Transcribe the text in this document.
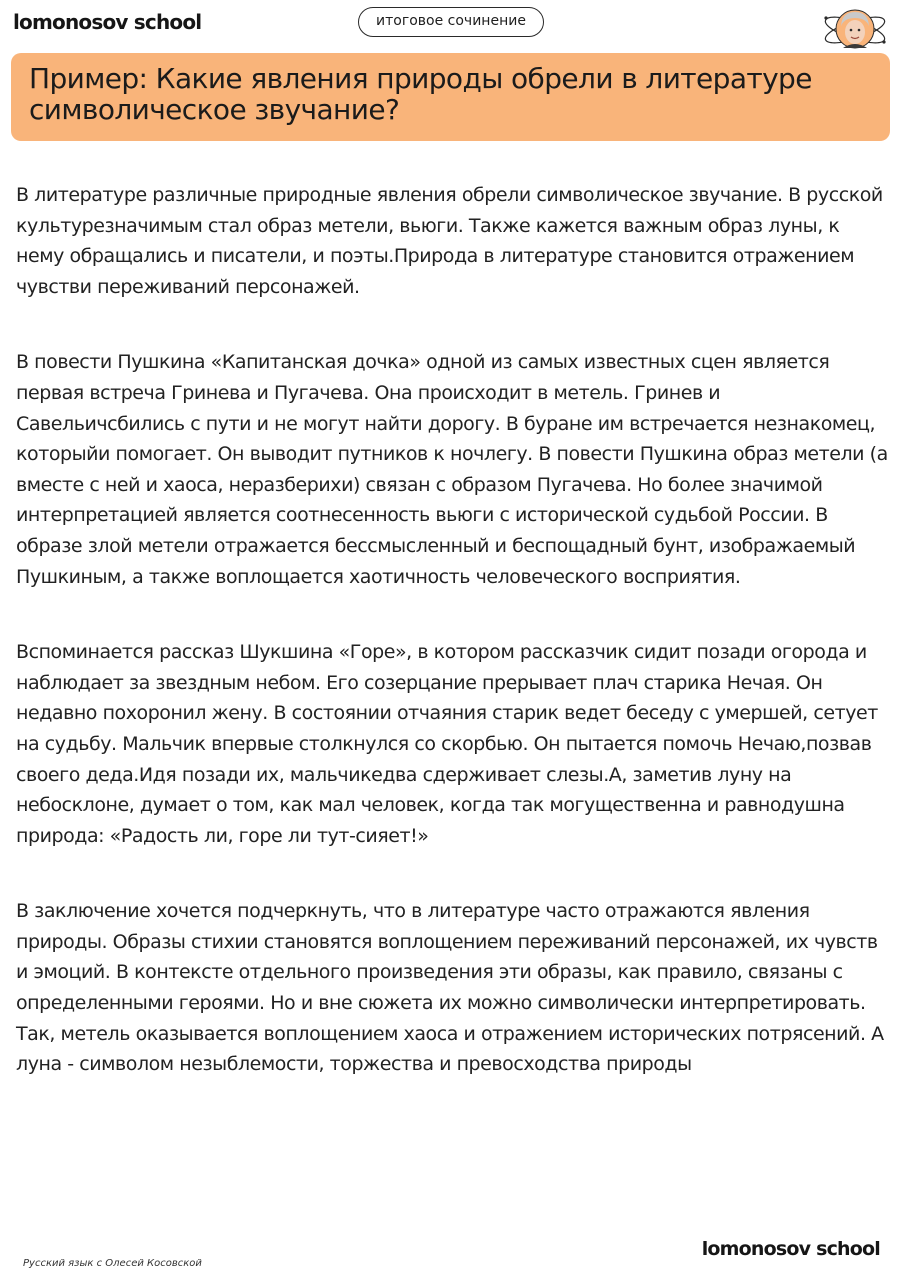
lomonosov school	итоговое сочинение
Пример: Какие явления природы обрели в литературе символическое звучание?

В литературе различные природные явления обрели символическое звучание. В русской культурезначимым стал образ метели, вьюги. Также кажется важным образ луны, к нему обращались и писатели, и поэты.Природа в литературе становится отражением чувстви переживаний персонажей.

В повести Пушкина «Капитанская дочка» одной из самых известных сцен является первая встреча Гринева и Пугачева. Она происходит в метель. Гринев и Савельичсбились с пути и не могут найти дорогу. В буране им встречается незнакомец, которыйи помогает. Он выводит путников к ночлегу. В повести Пушкина образ метели (а вместе с ней и хаоса, неразберихи) связан с образом Пугачева. Но более значимой интерпретацией является соотнесенность вьюги с исторической судьбой России. В образе злой метели отражается бессмысленный и беспощадный бунт, изображаемый Пушкиным, а также воплощается хаотичность человеческого восприятия.

Вспоминается рассказ Шукшина «Горе», в котором рассказчик сидит позади огорода и наблюдает за звездным небом. Его созерцание прерывает плач старика Нечая. Он недавно похоронил жену. В состоянии отчаяния старик ведет беседу с умершей, сетует на судьбу. Мальчик впервые столкнулся со скорбью. Он пытается помочь Нечаю,позвав своего деда.Идя позади их, мальчикедва сдерживает слезы.А, заметив луну на небосклоне, думает о том, как мал человек, когда так могущественна и равнодушна природа: «Радость ли, горе ли тут-сияет!»

В заключение хочется подчеркнуть, что в литературе часто отражаются явления природы. Образы стихии становятся воплощением переживаний персонажей, их чувств и эмоций. В контексте отдельного произведения эти образы, как правило, связаны с определенными героями. Но и вне сюжета их можно символически интерпретировать. Так, метель оказывается воплощением хаоса и отражением исторических потрясений. А луна - символом незыблемости, торжества и превосходства природы

Русский язык с Олесей Косовской
lomonosov school
